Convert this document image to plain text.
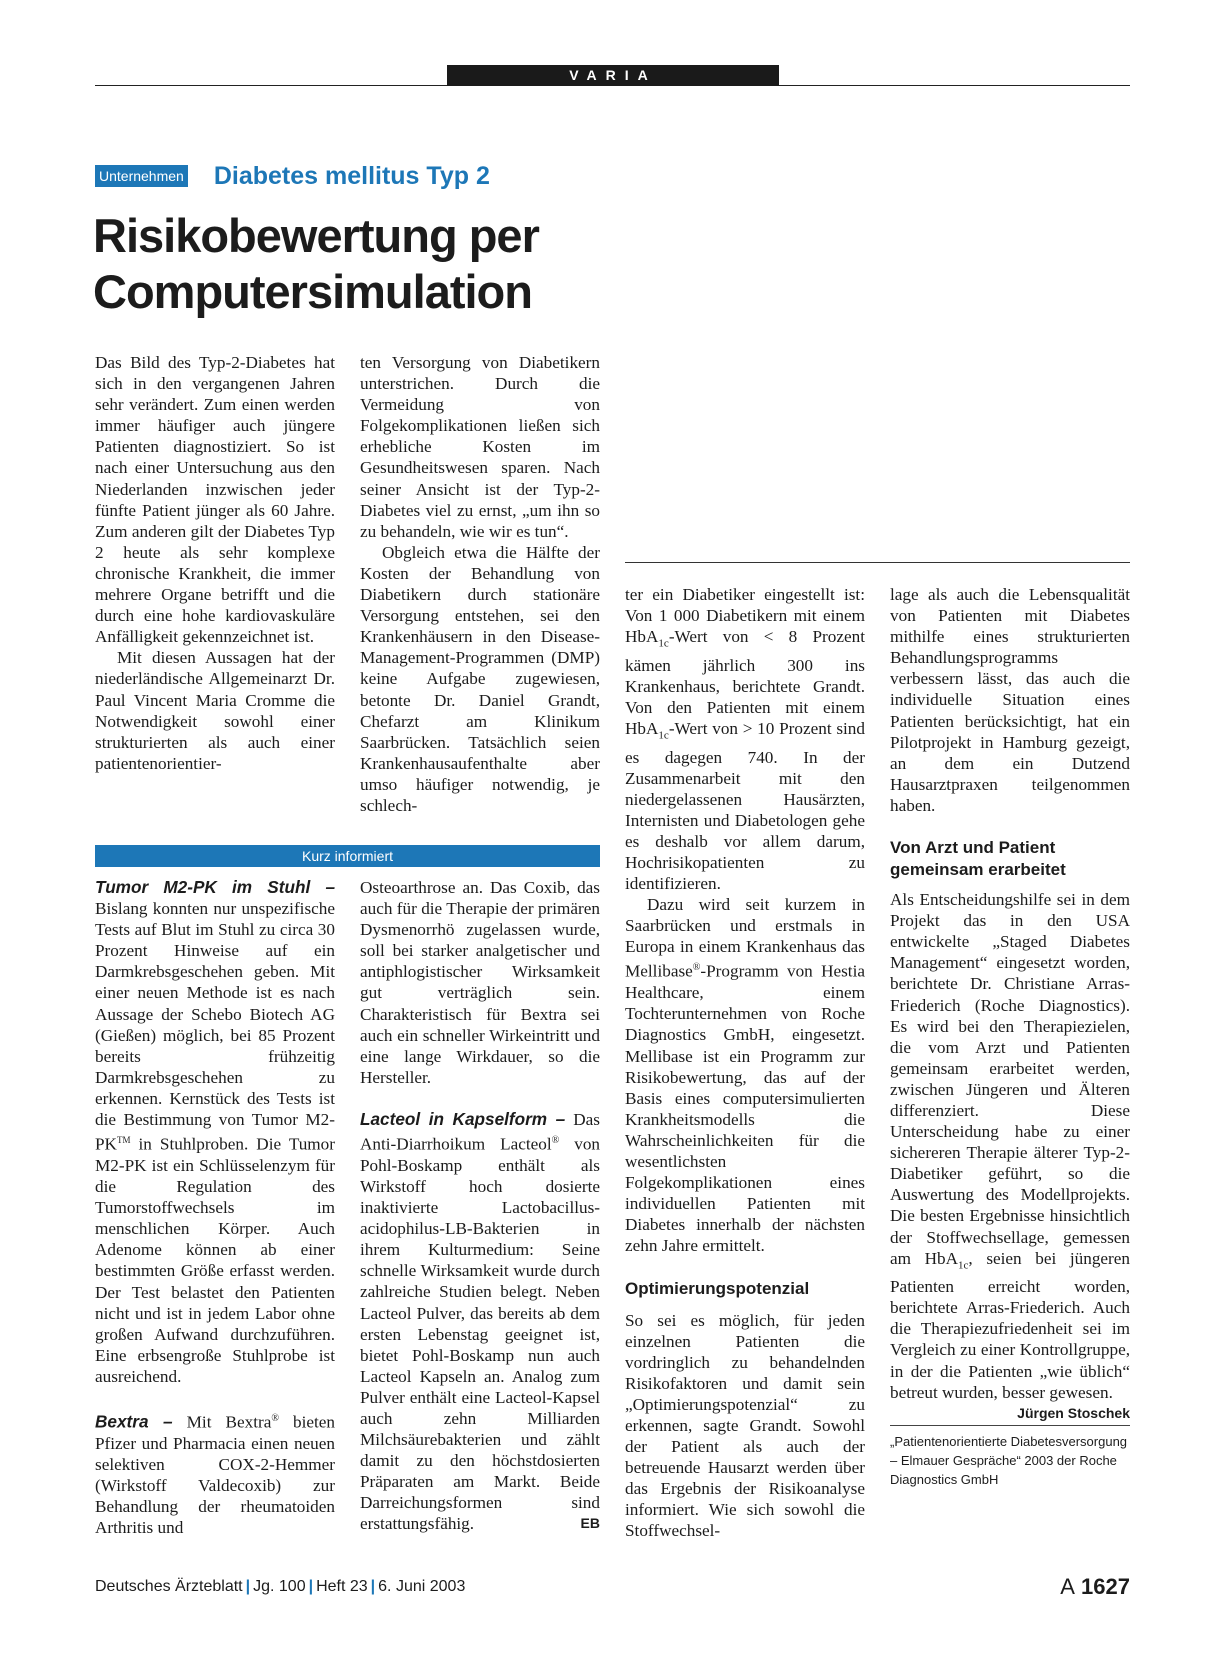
VARIA
Unternehmen Diabetes mellitus Typ 2
Risikobewertung per
Computersimulation

Das Bild des Typ-2-Diabetes hat sich in den vergangenen Jahren sehr verändert. Zum einen werden immer häufiger auch jüngere Patienten diagnostiziert. So ist nach einer Untersuchung aus den Niederlanden inzwischen jeder fünfte Patient jünger als 60 Jahre. Zum anderen gilt der Diabetes Typ 2 heute als sehr komplexe chronische Krankheit, die immer mehrere Organe betrifft und die durch eine hohe kardiovaskuläre Anfälligkeit gekennzeichnet ist.

Mit diesen Aussagen hat der niederländische Allgemeinarzt Dr. Paul Vincent Maria Cromme die Notwendigkeit sowohl einer strukturierten als auch einer patientenorientier-

ten Versorgung von Diabetikern unterstrichen. Durch die Vermeidung von Folgekomplikationen ließen sich erhebliche Kosten im Gesundheitswesen sparen. Nach seiner Ansicht ist der Typ-2-Diabetes viel zu ernst, „um ihn so zu behandeln, wie wir es tun“.

Obgleich etwa die Hälfte der Kosten der Behandlung von Diabetikern durch stationäre Versorgung entstehen, sei den Krankenhäusern in den Disease-Management-Programmen (DMP) keine Aufgabe zugewiesen, betonte Dr. Daniel Grandt, Chefarzt am Klinikum Saarbrücken. Tatsächlich seien Krankenhausaufenthalte aber umso häufiger notwendig, je schlech-

ter ein Diabetiker eingestellt ist: Von 1 000 Diabetikern mit einem HbA$_{1c}$-Wert von < 8 Prozent kämen jährlich 300 ins Krankenhaus, berichtete Grandt. Von den Patienten mit einem HbA$_{1c}$-Wert von > 10 Prozent sind es dagegen 740. In der Zusammenarbeit mit den niedergelassenen Hausärzten, Internisten und Diabetologen gehe es deshalb vor allem darum, Hochrisikopatienten zu identifizieren.

Dazu wird seit kurzem in Saarbrücken und erstmals in Europa in einem Krankenhaus das Mellibase®-Programm von Hestia Healthcare, einem Tochterunternehmen von Roche Diagnostics GmbH, eingesetzt. Mellibase ist ein Programm zur Risikobewertung, das auf der Basis eines computersimulierten Krankheitsmodells die Wahrscheinlichkeiten für die wesentlichsten Folgekomplikationen eines individuellen Patienten mit Diabetes innerhalb der nächsten zehn Jahre ermittelt.

Optimierungspotenzial

So sei es möglich, für jeden einzelnen Patienten die vordringlich zu behandelnden Risikofaktoren und damit sein „Optimierungspotenzial“ zu erkennen, sagte Grandt. Sowohl der Patient als auch der betreuende Hausarzt werden über das Ergebnis der Risikoanalyse informiert. Wie sich sowohl die Stoffwechsel-

lage als auch die Lebensqualität von Patienten mit Diabetes mithilfe eines strukturierten Behandlungsprogramms verbessern lässt, das auch die individuelle Situation eines Patienten berücksichtigt, hat ein Pilotprojekt in Hamburg gezeigt, an dem ein Dutzend Hausarztpraxen teilgenommen haben.

Von Arzt und Patient gemeinsam erarbeitet

Als Entscheidungshilfe sei in dem Projekt das in den USA entwickelte „Staged Diabetes Management“ eingesetzt worden, berichtete Dr. Christiane Arras-Friederich (Roche Diagnostics). Es wird bei den Therapiezielen, die vom Arzt und Patienten gemeinsam erarbeitet werden, zwischen Jüngeren und Älteren differenziert. Diese Unterscheidung habe zu einer sichereren Therapie älterer Typ-2-Diabetiker geführt, so die Auswertung des Modellprojekts. Die besten Ergebnisse hinsichtlich der Stoffwechsellage, gemessen am HbA$_{1c}$, seien bei jüngeren Patienten erreicht worden, berichtete Arras-Friederich. Auch die Therapiezufriedenheit sei im Vergleich zu einer Kontrollgruppe, in der die Patienten „wie üblich“ betreut wurden, besser gewesen.
Jürgen Stoschek

„Patientenorientierte Diabetesversorgung – Elmauer Gespräche“ 2003 der Roche Diagnostics GmbH
Kurz informiert

Tumor M2-PK im Stuhl – Bislang konnten nur unspezifische Tests auf Blut im Stuhl zu circa 30 Prozent Hinweise auf ein Darmkrebsgeschehen geben. Mit einer neuen Methode ist es nach Aussage der Schebo Biotech AG (Gießen) möglich, bei 85 Prozent bereits frühzeitig Darmkrebsgeschehen zu erkennen. Kernstück des Tests ist die Bestimmung von Tumor M2-PK™ in Stuhlproben. Die Tumor M2-PK ist ein Schlüsselenzym für die Regulation des Tumorstoffwechsels im menschlichen Körper. Auch Adenome können ab einer bestimmten Größe erfasst werden. Der Test belastet den Patienten nicht und ist in jedem Labor ohne großen Aufwand durchzuführen. Eine erbsengroße Stuhlprobe ist ausreichend.

Bextra – Mit Bextra® bieten Pfizer und Pharmacia einen neuen selektiven COX-2-Hemmer (Wirkstoff Valdecoxib) zur Behandlung der rheumatoiden Arthritis und

Osteoarthrose an. Das Coxib, das auch für die Therapie der primären Dysmenorrhö zugelassen wurde, soll bei starker analgetischer und antiphlogistischer Wirksamkeit gut verträglich sein. Charakteristisch für Bextra sei auch ein schneller Wirkeintritt und eine lange Wirkdauer, so die Hersteller.

Lacteol in Kapselform – Das Anti-Diarrhoikum Lacteol® von Pohl-Boskamp enthält als Wirkstoff hoch dosierte inaktivierte Lactobacillus-acidophilus-LB-Bakterien in ihrem Kulturmedium: Seine schnelle Wirksamkeit wurde durch zahlreiche Studien belegt. Neben Lacteol Pulver, das bereits ab dem ersten Lebenstag geeignet ist, bietet Pohl-Boskamp nun auch Lacteol Kapseln an. Analog zum Pulver enthält eine Lacteol-Kapsel auch zehn Milliarden Milchsäurebakterien und zählt damit zu den höchstdosierten Präparaten am Markt. Beide Darreichungsformen sind erstattungsfähig.	EB

Deutsches Ärzteblatt | Jg. 100 | Heft 23 | 6. Juni 2003	A 1627
